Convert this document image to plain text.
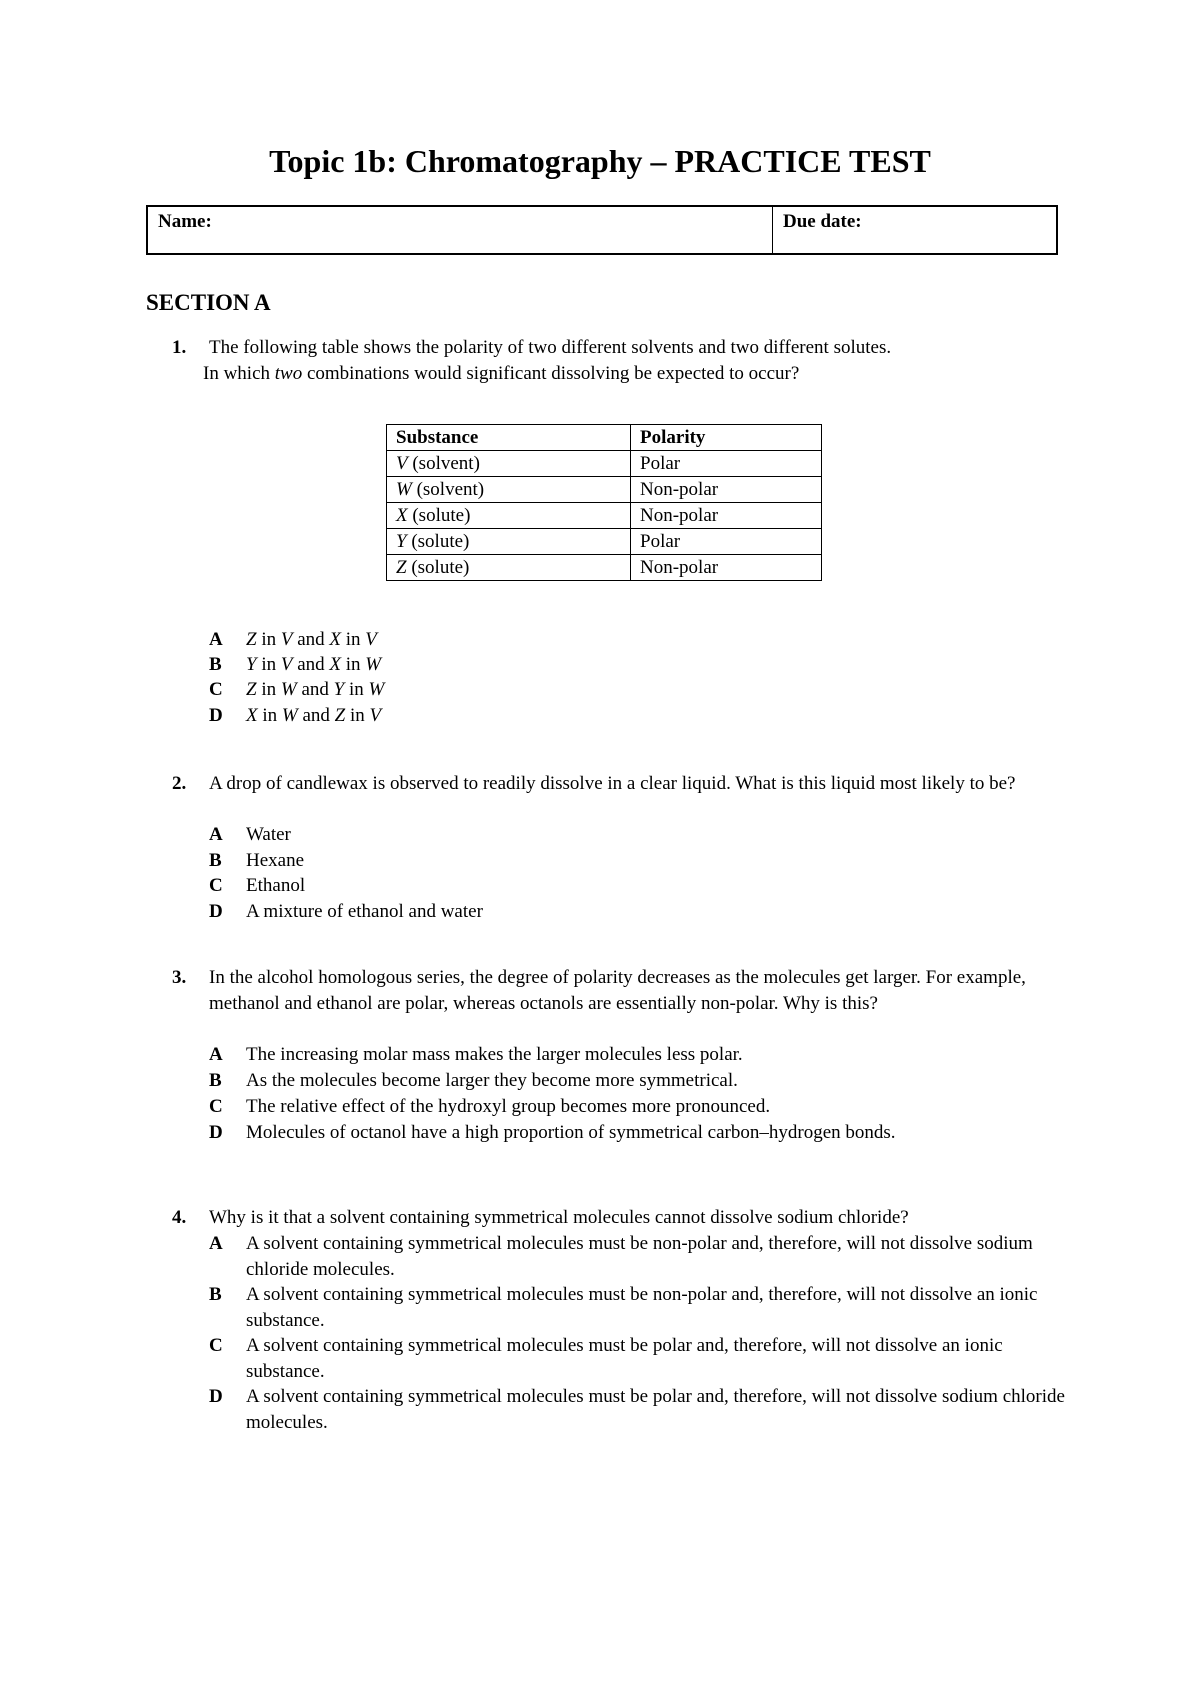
Topic 1b: Chromatography – PRACTICE TEST
Name:	Due date:
SECTION A
1. The following table shows the polarity of two different solvents and two different solutes.
In which two combinations would significant dissolving be expected to occur?
Substance	Polarity
V (solvent)	Polar
W (solvent)	Non-polar
X (solute)	Non-polar
Y (solute)	Polar
Z (solute)	Non-polar
A Z in V and X in V
B Y in V and X in W
C Z in W and Y in W
D X in W and Z in V
2. A drop of candlewax is observed to readily dissolve in a clear liquid. What is this liquid most likely to be?
A Water
B Hexane
C Ethanol
D A mixture of ethanol and water
3. In the alcohol homologous series, the degree of polarity decreases as the molecules get larger. For example, methanol and ethanol are polar, whereas octanols are essentially non-polar. Why is this?
A The increasing molar mass makes the larger molecules less polar.
B As the molecules become larger they become more symmetrical.
C The relative effect of the hydroxyl group becomes more pronounced.
D Molecules of octanol have a high proportion of symmetrical carbon–hydrogen bonds.
4. Why is it that a solvent containing symmetrical molecules cannot dissolve sodium chloride?
A A solvent containing symmetrical molecules must be non-polar and, therefore, will not dissolve sodium chloride molecules.
B A solvent containing symmetrical molecules must be non-polar and, therefore, will not dissolve an ionic substance.
C A solvent containing symmetrical molecules must be polar and, therefore, will not dissolve an ionic substance.
D A solvent containing symmetrical molecules must be polar and, therefore, will not dissolve sodium chloride molecules.
